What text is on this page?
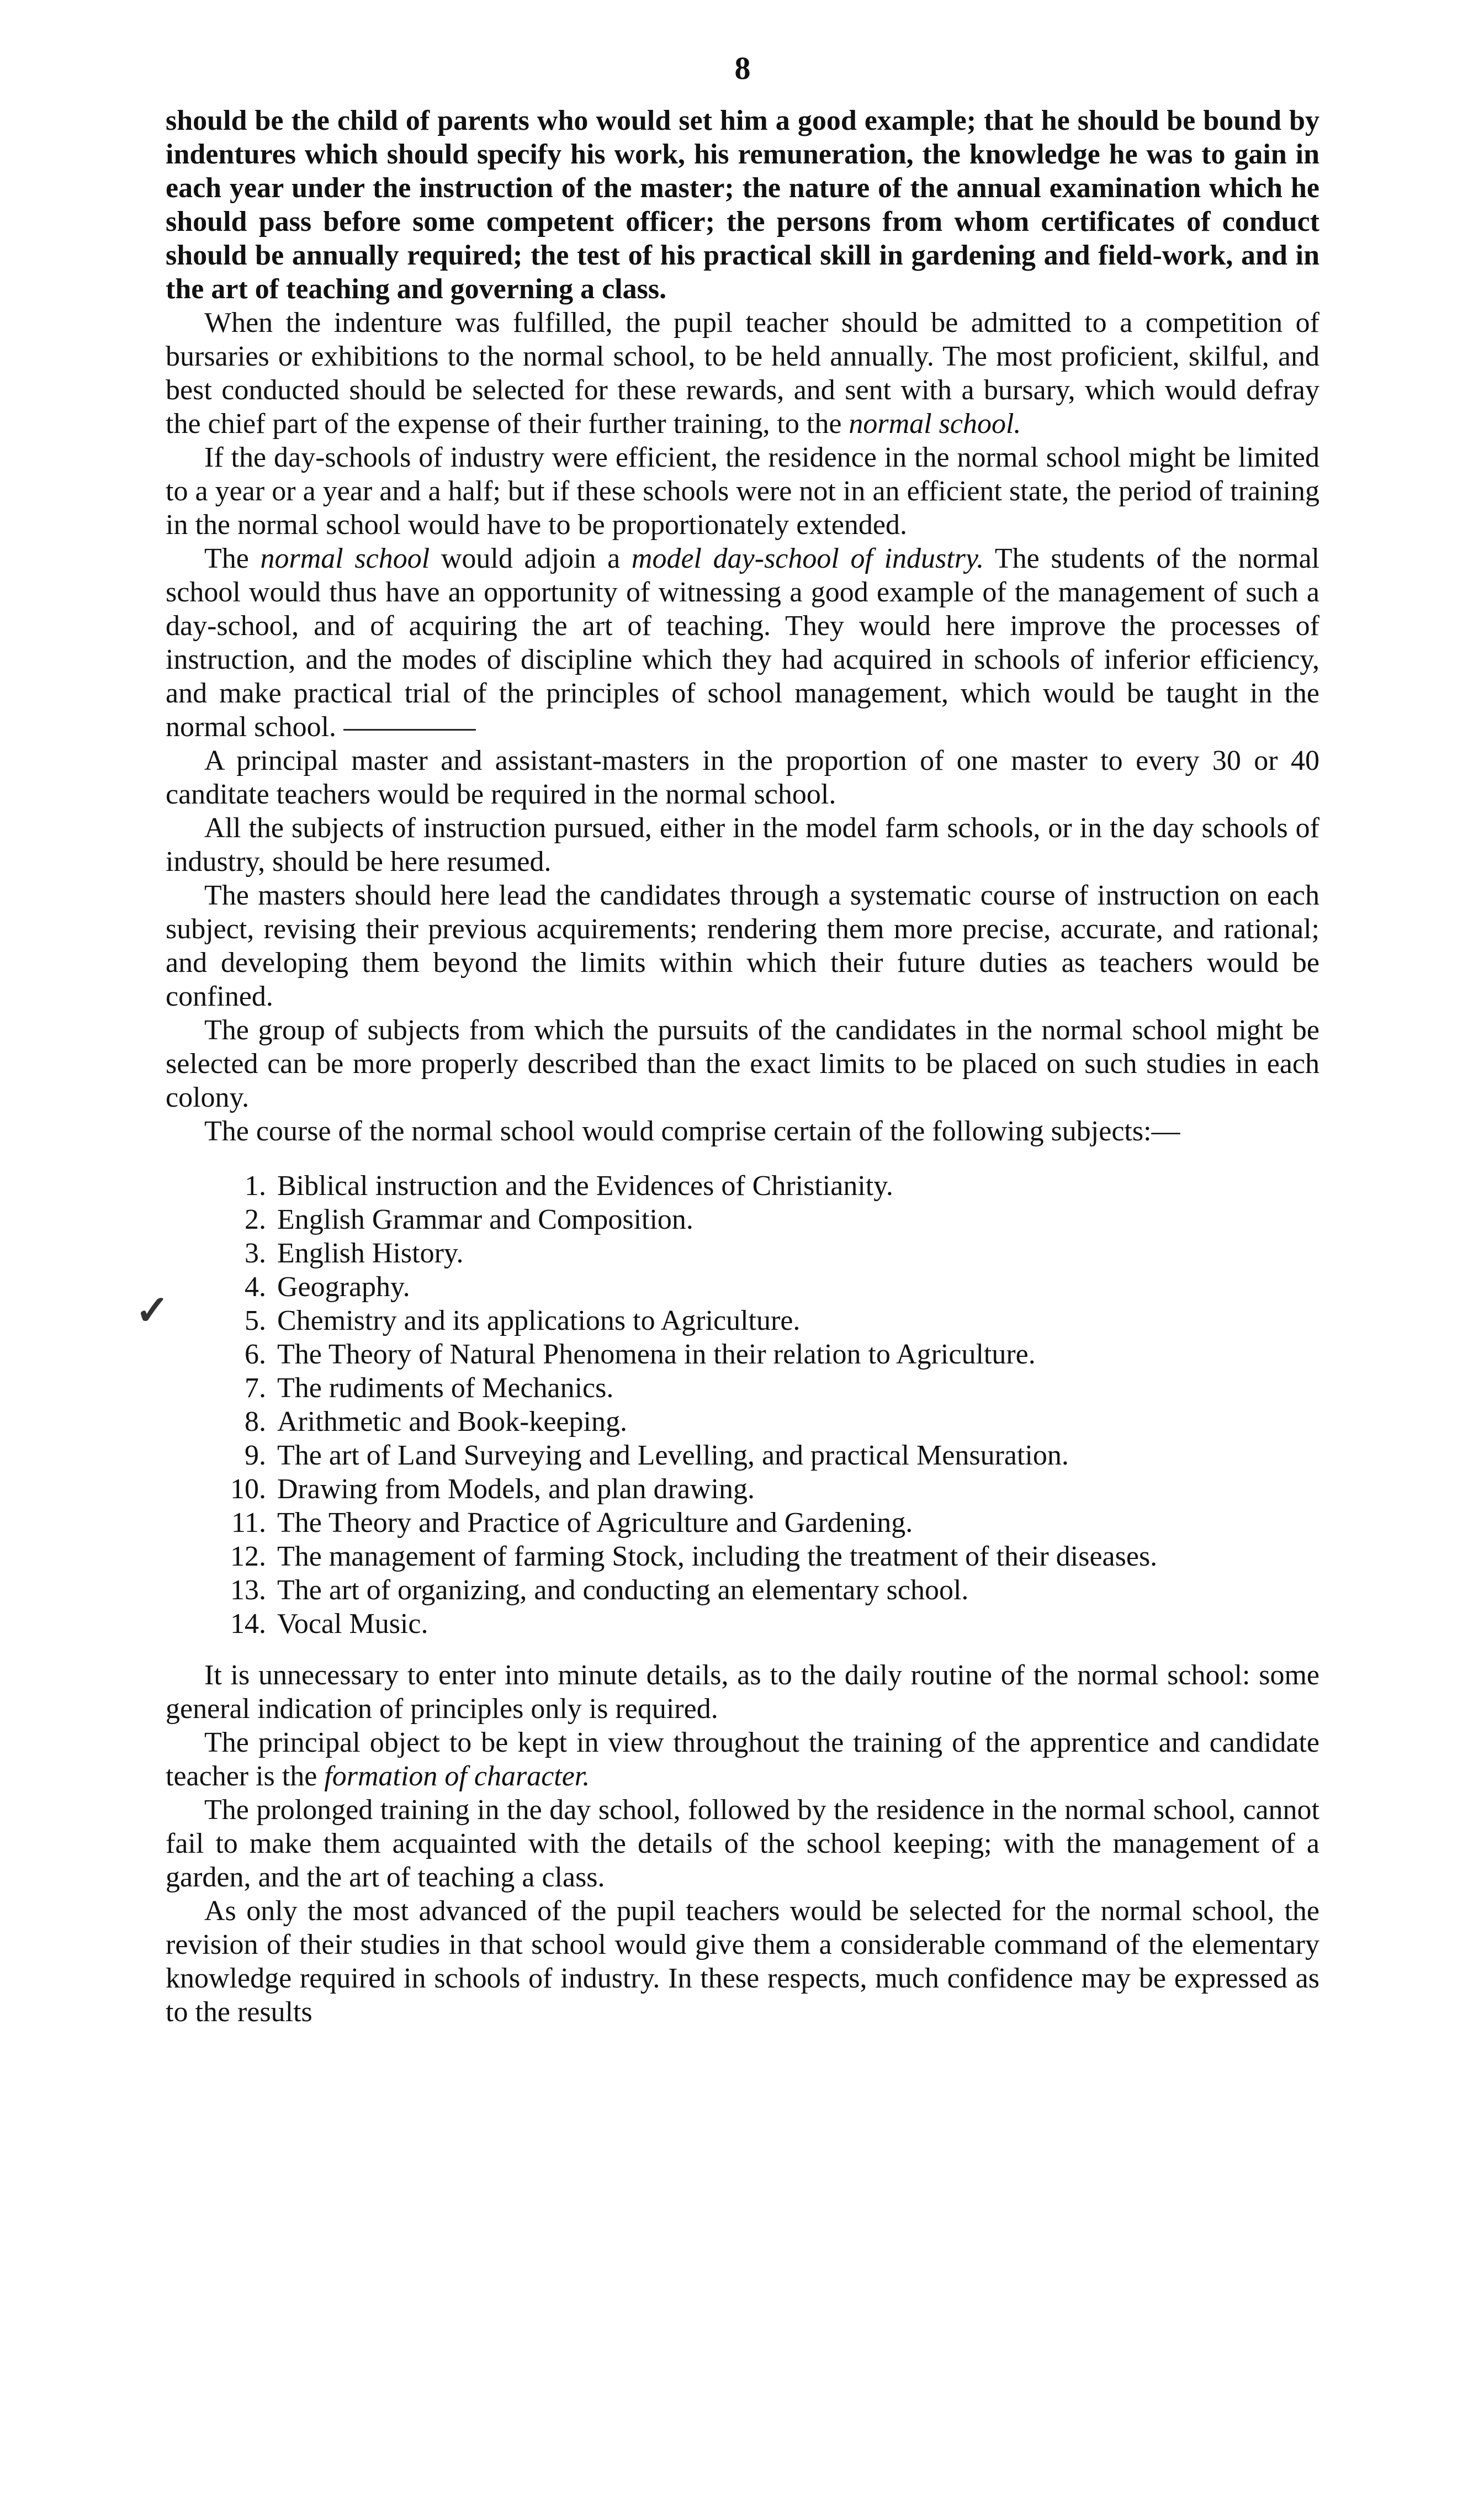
8
✓

should be the child of parents who would set him a good example; that he should be bound by indentures which should specify his work, his remuneration, the knowledge he was to gain in each year under the instruction of the master; the nature of the annual examination which he should pass before some competent officer; the persons from whom certificates of conduct should be annually required; the test of his practical skill in gardening and field-work, and in the art of teaching and governing a class.

When the indenture was fulfilled, the pupil teacher should be admitted to a competition of bursaries or exhibitions to the normal school, to be held annually. The most proficient, skilful, and best conducted should be selected for these rewards, and sent with a bursary, which would defray the chief part of the expense of their further training, to the normal school.

If the day-schools of industry were efficient, the residence in the normal school might be limited to a year or a year and a half; but if these schools were not in an efficient state, the period of training in the normal school would have to be proportionately extended.

The normal school would adjoin a model day-school of industry. The students of the normal school would thus have an opportunity of witnessing a good example of the management of such a day-school, and of acquiring the art of teaching. They would here improve the processes of instruction, and the modes of discipline which they had acquired in schools of inferior efficiency, and make practical trial of the principles of school management, which would be taught in the normal school.

A principal master and assistant-masters in the proportion of one master to every 30 or 40 canditate teachers would be required in the normal school.

All the subjects of instruction pursued, either in the model farm schools, or in the day schools of industry, should be here resumed.

The masters should here lead the candidates through a systematic course of instruction on each subject, revising their previous acquirements; rendering them more precise, accurate, and rational; and developing them beyond the limits within which their future duties as teachers would be confined.

The group of subjects from which the pursuits of the candidates in the normal school might be selected can be more properly described than the exact limits to be placed on such studies in each colony.

The course of the normal school would comprise certain of the following subjects:—

1. Biblical instruction and the Evidences of Christianity.
2. English Grammar and Composition.
3. English History.
4. Geography.
5. Chemistry and its applications to Agriculture.
6. The Theory of Natural Phenomena in their relation to Agriculture.
7. The rudiments of Mechanics.
8. Arithmetic and Book-keeping.
9. The art of Land Surveying and Levelling, and practical Mensuration.
10. Drawing from Models, and plan drawing.
11. The Theory and Practice of Agriculture and Gardening.
12. The management of farming Stock, including the treatment of their diseases.
13. The art of organizing, and conducting an elementary school.
14. Vocal Music.

It is unnecessary to enter into minute details, as to the daily routine of the normal school: some general indication of principles only is required.

The principal object to be kept in view throughout the training of the apprentice and candidate teacher is the formation of character.

The prolonged training in the day school, followed by the residence in the normal school, cannot fail to make them acquainted with the details of the school keeping; with the management of a garden, and the art of teaching a class.

As only the most advanced of the pupil teachers would be selected for the normal school, the revision of their studies in that school would give them a considerable command of the elementary knowledge required in schools of industry. In these respects, much confidence may be expressed as to the results
